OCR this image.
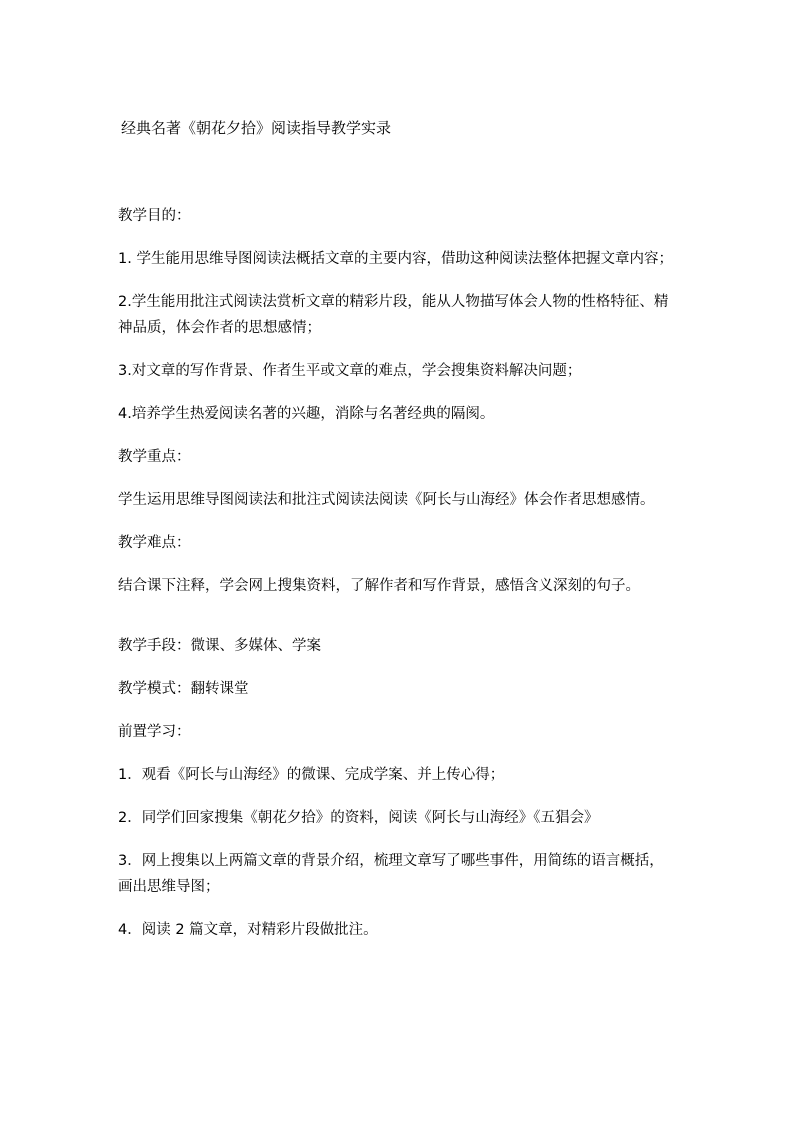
经典名著《朝花夕拾》阅读指导教学实录

教学目的：

1. 学生能用思维导图阅读法概括文章的主要内容，借助这种阅读法整体把握文章内容；

2.学生能用批注式阅读法赏析文章的精彩片段，能从人物描写体会人物的性格特征、精神品质，体会作者的思想感情；

3.对文章的写作背景、作者生平或文章的难点，学会搜集资料解决问题；

4.培养学生热爱阅读名著的兴趣，消除与名著经典的隔阂。

教学重点：

学生运用思维导图阅读法和批注式阅读法阅读《阿长与山海经》体会作者思想感情。

教学难点：

结合课下注释，学会网上搜集资料，了解作者和写作背景，感悟含义深刻的句子。

教学手段：微课、多媒体、学案

教学模式：翻转课堂

前置学习：

1．观看《阿长与山海经》的微课、完成学案、并上传心得；

2．同学们回家搜集《朝花夕拾》的资料，阅读《阿长与山海经》《五猖会》

3．网上搜集以上两篇文章的背景介绍，梳理文章写了哪些事件，用简练的语言概括，画出思维导图；

4．阅读 2 篇文章，对精彩片段做批注。
